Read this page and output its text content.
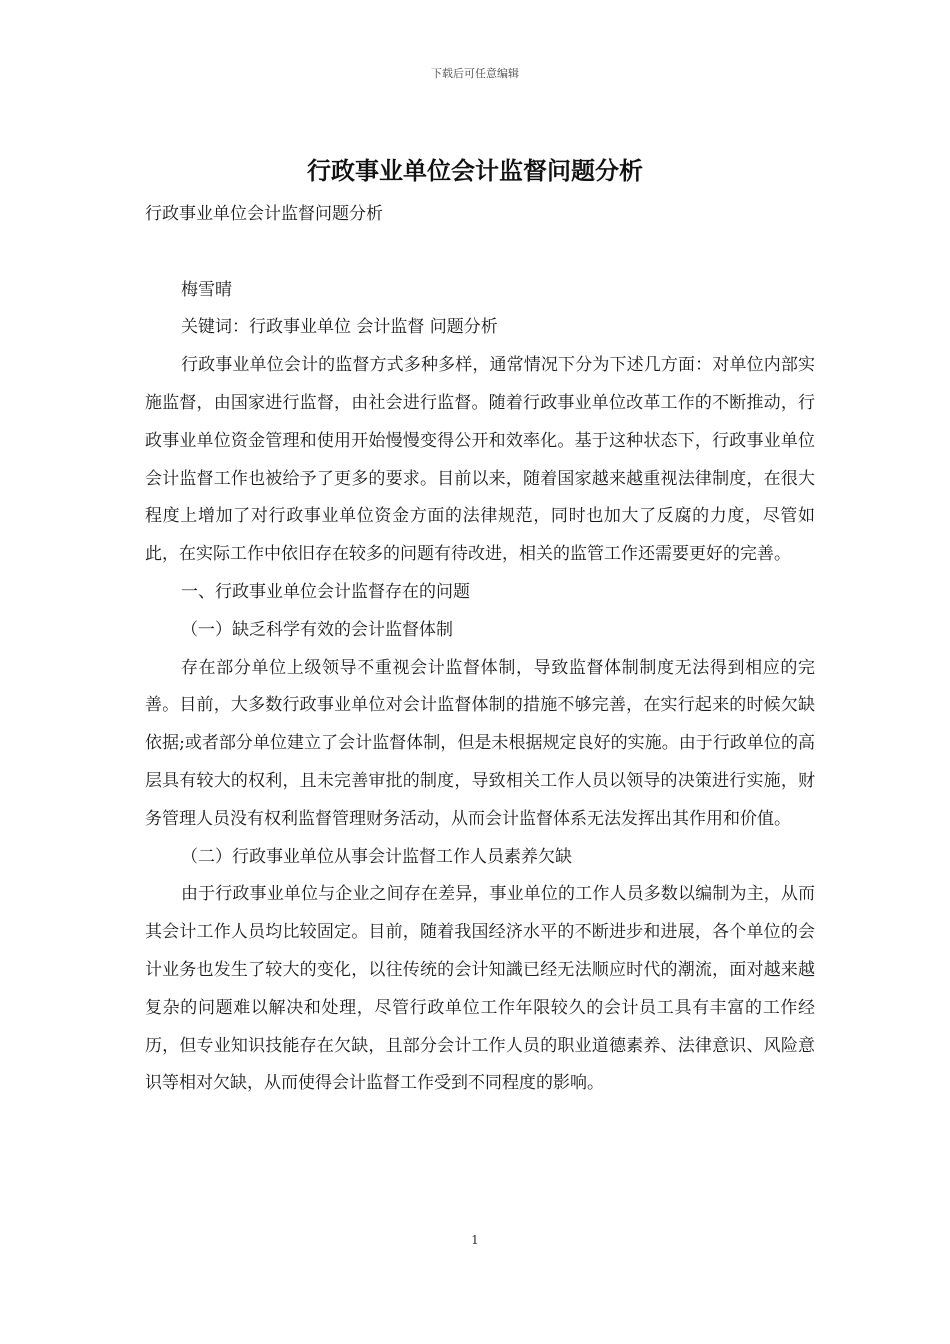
下载后可任意编辑
行政事业单位会计监督问题分析

行政事业单位会计监督问题分析

梅雪晴

关键词：行政事业单位 会计监督 问题分析

行政事业单位会计的监督方式多种多样，通常情况下分为下述几方面：对单位内部实施监督，由国家进行监督，由社会进行监督。随着行政事业单位改革工作的不断推动，行政事业单位资金管理和使用开始慢慢变得公开和效率化。基于这种状态下，行政事业单位会计监督工作也被给予了更多的要求。目前以来，随着国家越来越重视法律制度，在很大程度上增加了对行政事业单位资金方面的法律规范，同时也加大了反腐的力度，尽管如此，在实际工作中依旧存在较多的问题有待改进，相关的监管工作还需要更好的完善。

一、行政事业单位会计监督存在的问题

（一）缺乏科学有效的会计监督体制

存在部分单位上级领导不重视会计监督体制，导致监督体制制度无法得到相应的完善。目前，大多数行政事业单位对会计监督体制的措施不够完善，在实行起来的时候欠缺依据;或者部分单位建立了会计监督体制，但是未根据规定良好的实施。由于行政单位的高层具有较大的权利，且未完善审批的制度，导致相关工作人员以领导的决策进行实施，财务管理人员没有权利监督管理财务活动，从而会计监督体系无法发挥出其作用和价值。

（二）行政事业单位从事会计监督工作人员素养欠缺

由于行政事业单位与企业之间存在差异，事业单位的工作人员多数以编制为主，从而其会计工作人员均比较固定。目前，随着我国经济水平的不断进步和进展，各个单位的会计业务也发生了较大的变化，以往传统的会计知識已经无法顺应时代的潮流，面对越来越复杂的问题难以解决和处理，尽管行政单位工作年限较久的会计员工具有丰富的工作经历，但专业知识技能存在欠缺，且部分会计工作人员的职业道德素养、法律意识、风险意识等相对欠缺，从而使得会计监督工作受到不同程度的影响。

1
